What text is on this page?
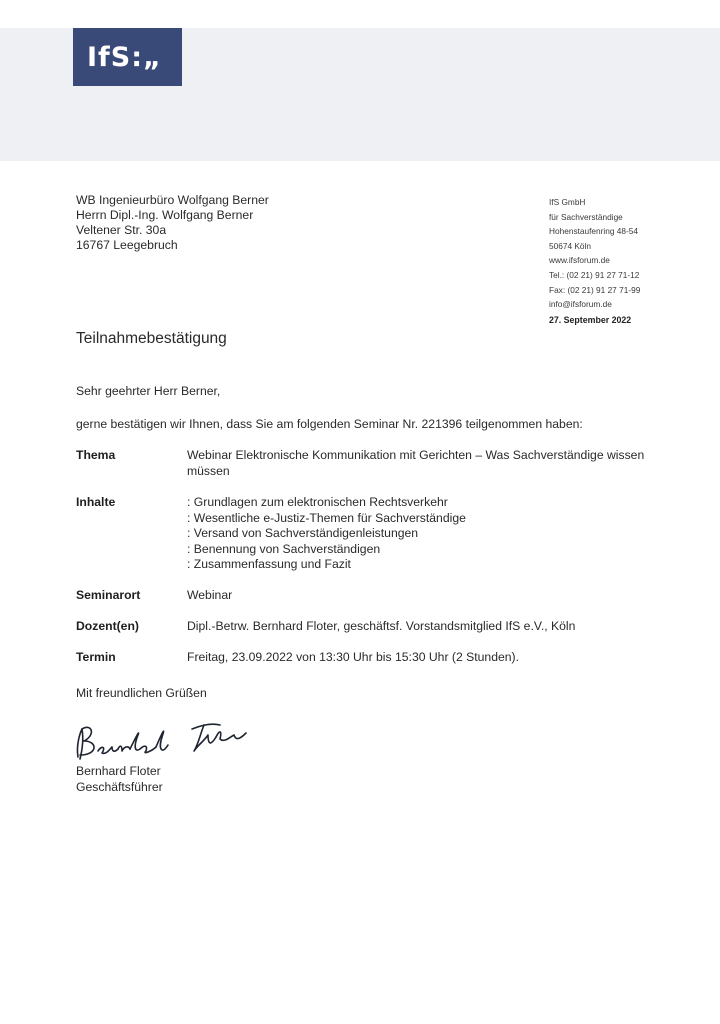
IfS:„
WB Ingenieurbüro Wolfgang Berner
Herrn Dipl.-Ing. Wolfgang Berner
Veltener Str. 30a
16767 Leegebruch
IfS GmbH
für Sachverständige
Hohenstaufenring 48-54
50674 Köln
www.ifsforum.de
Tel.: (02 21) 91 27 71-12
Fax: (02 21) 91 27 71-99
info@ifsforum.de
27. September 2022
Teilnahmebestätigung
Sehr geehrter Herr Berner,
gerne bestätigen wir Ihnen, dass Sie am folgenden Seminar Nr. 221396 teilgenommen haben:
Thema	Webinar Elektronische Kommunikation mit Gerichten – Was Sachverständige wissen
müssen
Inhalte
:	Grundlagen zum elektronischen Rechtsverkehr
: Wesentliche e-Justiz-Themen für Sachverständige
: Versand von Sachverständigenleistungen
: Benennung von Sachverständigen
: Zusammenfassung und Fazit
Seminarort	Webinar
Dozent(en)	Dipl.-Betrw. Bernhard Floter, geschäftsf. Vorstandsmitglied IfS e.V., Köln
Termin	Freitag, 23.09.2022 von 13:30 Uhr bis 15:30 Uhr (2 Stunden).
Mit freundlichen Grüßen
Bernhard Floter
Geschäftsführer
